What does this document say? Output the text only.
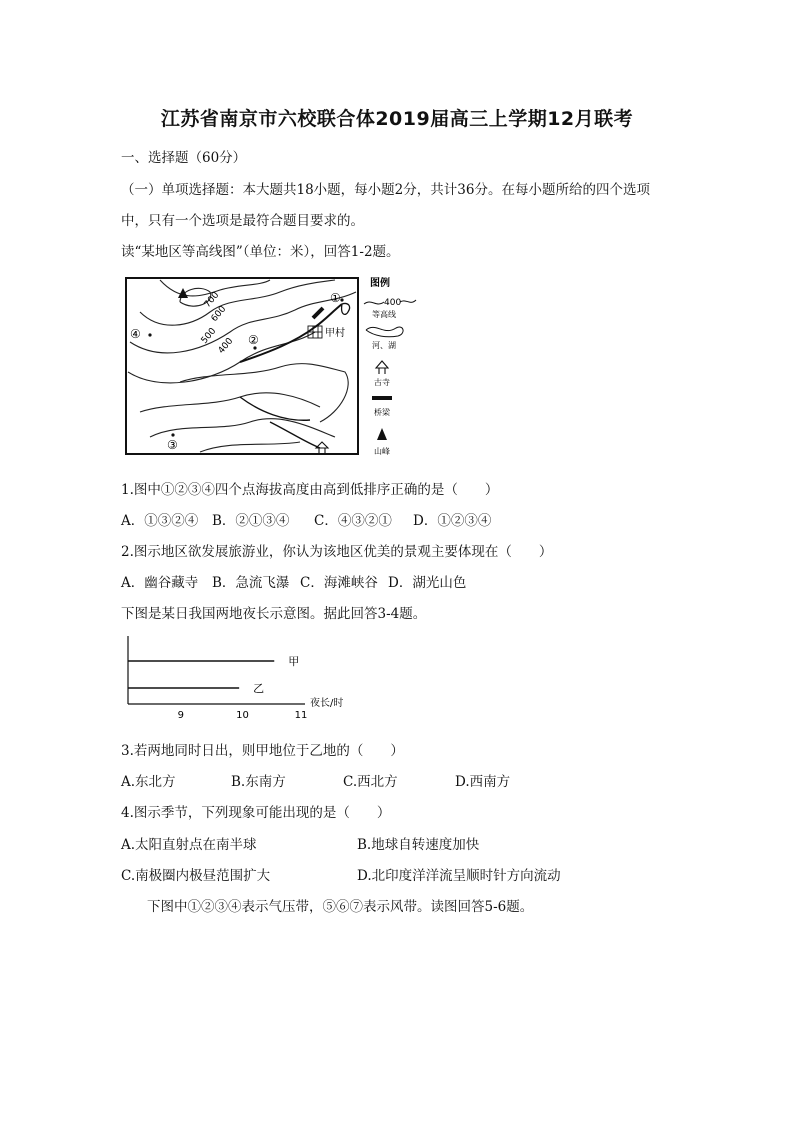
江苏省南京市六校联合体2019届高三上学期12月联考
一、选择题（60分）
（一）单项选择题：本大题共18小题，每小题2分，共计36分。在每小题所给的四个选项
中，只有一个选项是最符合题目要求的。
读“某地区等高线图”（单位：米），回答1-2题。
甲村
700
600
500
400
①
②
③
④
图例
400
等高线
河、湖
古寺
桥梁
山峰
1.图中①②③④四个点海拔高度由高到低排序正确的是（　　）
A．①③②④ B．②①③④ C．④③②① D．①②③④
2.图示地区欲发展旅游业，你认为该地区优美的景观主要体现在（　　）
A．幽谷藏寺 B．急流飞瀑 C．海滩峡谷 D．湖光山色
下图是某日我国两地夜长示意图。据此回答3-4题。
甲
乙
9	10	11
夜长/时
3.若两地同时日出，则甲地位于乙地的（　　）
A.东北方	B.东南方	C.西北方	D.西南方
4.图示季节，下列现象可能出现的是（　　）
A.太阳直射点在南半球	B.地球自转速度加快
C.南极圈内极昼范围扩大	D.北印度洋洋流呈顺时针方向流动
下图中①②③④表示气压带，⑤⑥⑦表示风带。读图回答5-6题。
